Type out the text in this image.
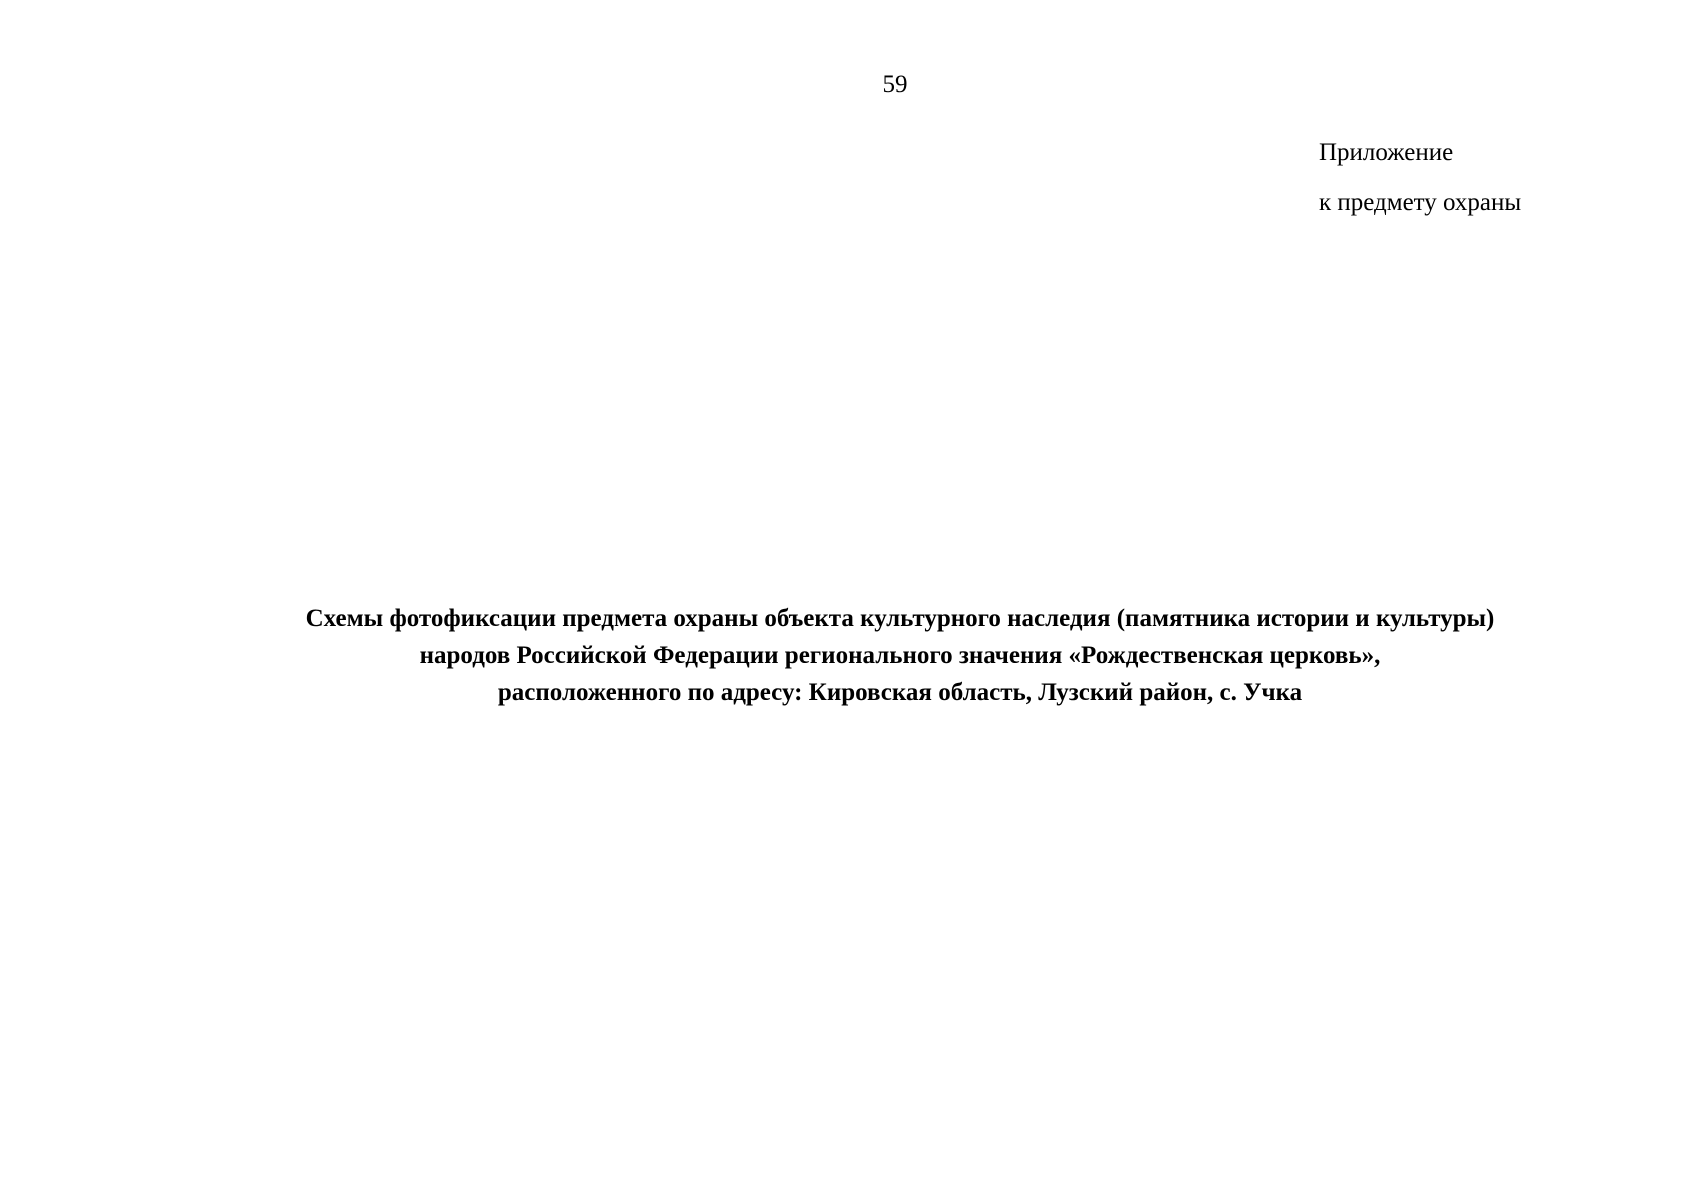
59
Приложение
к предмету охраны
Схемы фотофиксации предмета охраны объекта культурного наследия (памятника истории и культуры)
народов Российской Федерации регионального значения «Рождественская церковь»,
расположенного по адресу: Кировская область, Лузский район, с. Учка
